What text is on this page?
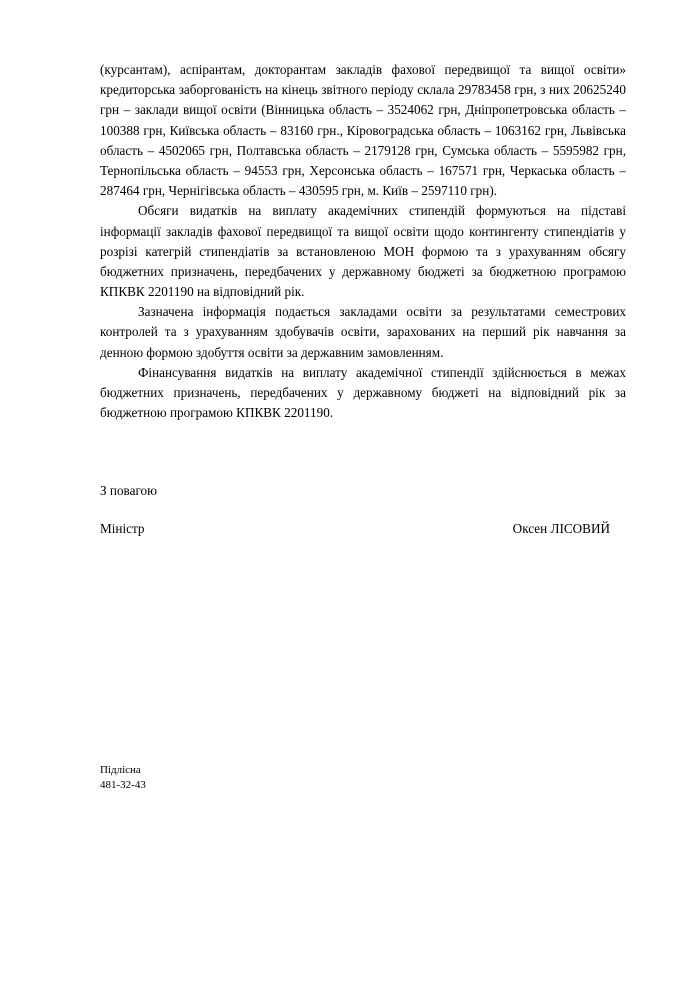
(курсантам), аспірантам, докторантам закладів фахової передвищої та вищої освіти» кредиторська заборгованість на кінець звітного періоду склала 29783458 грн, з них 20625240 грн – заклади вищої освіти (Вінницька область – 3524062 грн, Дніпропетровська область – 100388 грн, Київська область – 83160 грн., Кіровоградська область – 1063162 грн, Львівська область – 4502065 грн, Полтавська область – 2179128 грн, Сумська область – 5595982 грн, Тернопільська область – 94553 грн, Херсонська область – 167571 грн, Черкаська область – 287464 грн, Чернігівська область – 430595 грн, м. Київ – 2597110 грн).

Обсяги видатків на виплату академічних стипендій формуються на підставі інформації закладів фахової передвищої та вищої освіти щодо контингенту стипендіатів у розрізі категрій стипендіатів за встановленою МОН формою та з урахуванням обсягу бюджетних призначень, передбачених у державному бюджеті за бюджетною програмою КПКВК 2201190 на відповідний рік.

Зазначена інформація подається закладами освіти за результатами семестрових контролей та з урахуванням здобувачів освіти, зарахованих на перший рік навчання за денною формою здобуття освіти за державним замовленням.

Фінансування видатків на виплату академічної стипендії здійснюється в межах бюджетних призначень, передбачених у державному бюджеті на відповідний рік за бюджетною програмою КПКВК 2201190.

З повагою

Міністр	Оксен ЛІСОВИЙ
Підлісна
481-32-43
